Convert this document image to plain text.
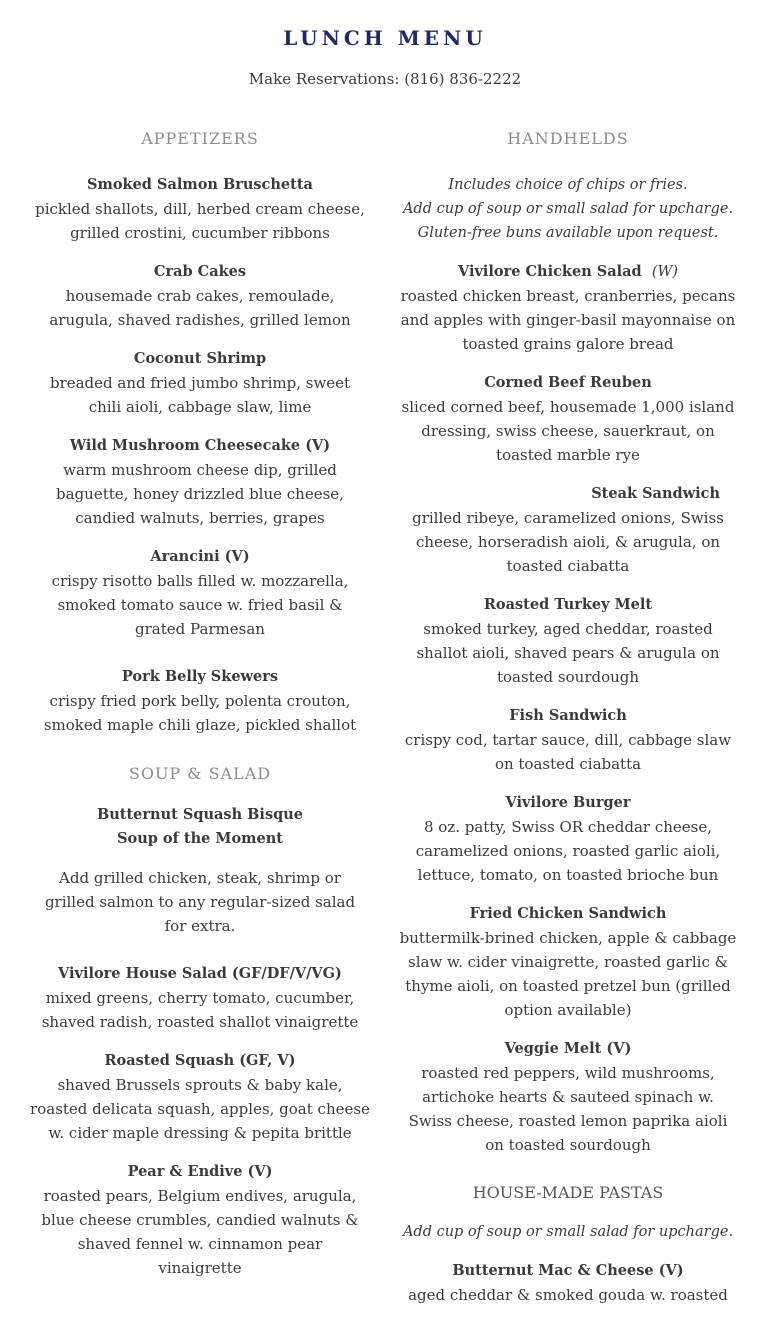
LUNCH MENU
Make Reservations: (816) 836-2222
APPETIZERS
Smoked Salmon Bruschetta
pickled shallots, dill, herbed cream cheese, grilled crostini, cucumber ribbons
Crab Cakes
housemade crab cakes, remoulade, arugula, shaved radishes, grilled lemon
Coconut Shrimp
breaded and fried jumbo shrimp, sweet chili aioli, cabbage slaw, lime
Wild Mushroom Cheesecake (V)
warm mushroom cheese dip, grilled baguette, honey drizzled blue cheese, candied walnuts, berries, grapes
Arancini (V)
crispy risotto balls filled w. mozzarella, smoked tomato sauce w. fried basil & grated Parmesan
Pork Belly Skewers
crispy fried pork belly, polenta crouton, smoked maple chili glaze, pickled shallot
SOUP & SALAD
Butternut Squash Bisque
Soup of the Moment
Add grilled chicken, steak, shrimp or grilled salmon to any regular-sized salad for extra.
Vivilore House Salad (GF/DF/V/VG)
mixed greens, cherry tomato, cucumber, shaved radish, roasted shallot vinaigrette
Roasted Squash (GF, V)
shaved Brussels sprouts & baby kale, roasted delicata squash, apples, goat cheese w. cider maple dressing & pepita brittle
Pear & Endive (V)
roasted pears, Belgium endives, arugula, blue cheese crumbles, candied walnuts & shaved fennel w. cinnamon pear vinaigrette
HANDHELDS
Includes choice of chips or fries.
Add cup of soup or small salad for upcharge.
Gluten-free buns available upon request.
Vivilore Chicken Salad (W)
roasted chicken breast, cranberries, pecans and apples with ginger-basil mayonnaise on toasted grains galore bread
Corned Beef Reuben
sliced corned beef, housemade 1,000 island dressing, swiss cheese, sauerkraut, on toasted marble rye
Steak Sandwich
grilled ribeye, caramelized onions, Swiss cheese, horseradish aioli, & arugula, on toasted ciabatta
Roasted Turkey Melt
smoked turkey, aged cheddar, roasted shallot aioli, shaved pears & arugula on toasted sourdough
Fish Sandwich
crispy cod, tartar sauce, dill, cabbage slaw on toasted ciabatta
Vivilore Burger
8 oz. patty, Swiss OR cheddar cheese, caramelized onions, roasted garlic aioli, lettuce, tomato, on toasted brioche bun
Fried Chicken Sandwich
buttermilk-brined chicken, apple & cabbage slaw w. cider vinaigrette, roasted garlic & thyme aioli, on toasted pretzel bun (grilled option available)
Veggie Melt (V)
roasted red peppers, wild mushrooms, artichoke hearts & sauteed spinach w. Swiss cheese, roasted lemon paprika aioli on toasted sourdough
HOUSE-MADE PASTAS
Add cup of soup or small salad for upcharge.
Butternut Mac & Cheese (V)
aged cheddar & smoked gouda w. roasted
